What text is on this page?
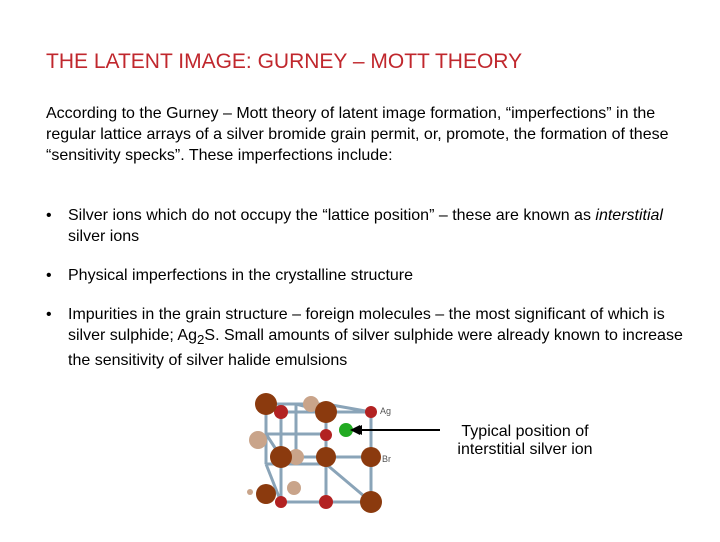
THE LATENT IMAGE: GURNEY – MOTT THEORY
According to the Gurney – Mott theory of latent image formation, “imperfections” in the regular lattice arrays of a silver bromide grain permit, or, promote, the formation of these “sensitivity specks”. These imperfections include:
• Silver ions which do not occupy the “lattice position” – these are known as interstitial silver ions
• Physical imperfections in the crystalline structure
• Impurities in the grain structure – foreign molecules – the most significant of which is silver sulphide; $Ag_2S$. Small amounts of silver sulphide were already known to increase the sensitivity of silver halide emulsions
Ag
Br
Typical position of interstitial silver ion
